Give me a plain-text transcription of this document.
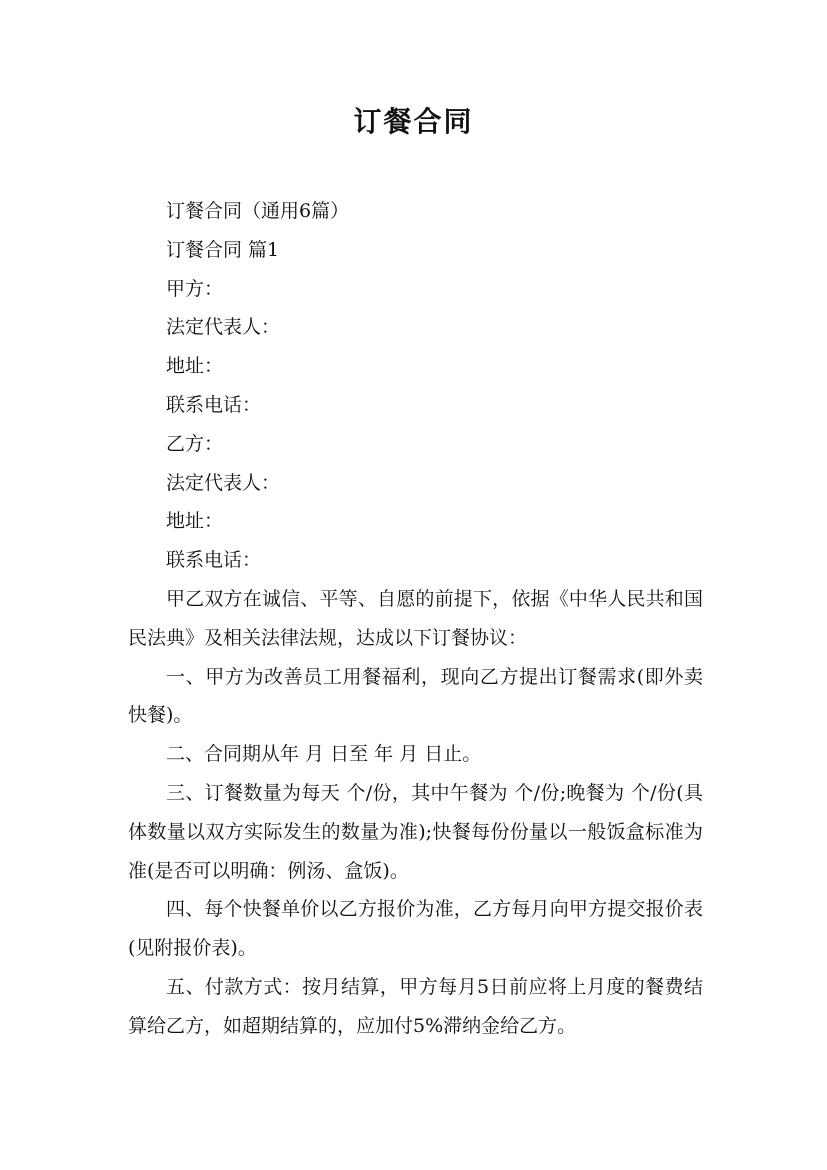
订餐合同

订餐合同（通用6篇）

订餐合同 篇1

甲方：

法定代表人：

地址：

联系电话：

乙方：

法定代表人：

地址：

联系电话：

甲乙双方在诚信、平等、自愿的前提下，依据《中华人民共和国民法典》及相关法律法规，达成以下订餐协议：

一、甲方为改善员工用餐福利，现向乙方提出订餐需求(即外卖快餐)。

二、合同期从年 月 日至 年 月 日止。

三、订餐数量为每天 个/份，其中午餐为 个/份;晚餐为 个/份(具体数量以双方实际发生的数量为准);快餐每份份量以一般饭盒标准为准(是否可以明确：例汤、盒饭)。

四、每个快餐单价以乙方报价为准，乙方每月向甲方提交报价表(见附报价表)。

五、付款方式：按月结算，甲方每月5日前应将上月度的餐费结算给乙方，如超期结算的，应加付5%滞纳金给乙方。
